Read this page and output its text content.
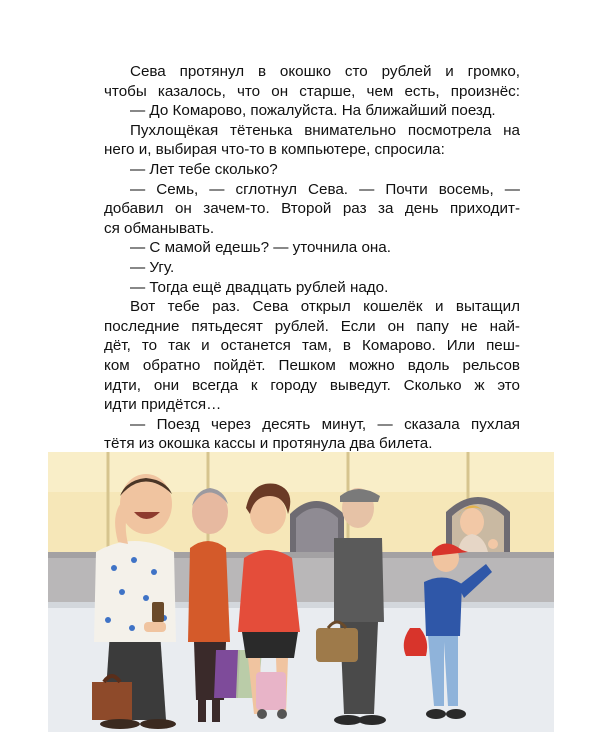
Сева протянул в окошко сто рублей и громко,
чтобы казалось, что он старше, чем есть, произнёс:
— До Комарово, пожалуйста. На ближайший поезд.
Пухлощёкая тётенька внимательно посмотрела на
него и, выбирая что-то в компьютере, спросила:
— Лет тебе сколько?
— Семь, — сглотнул Сева. — Почти восемь, —
добавил он зачем-то. Второй раз за день приходит-
ся обманывать.
— С мамой едешь? — уточнила она.
— Угу.
— Тогда ещё двадцать рублей надо.
Вот тебе раз. Сева открыл кошелёк и вытащил
последние пятьдесят рублей. Если он папу не най-
дёт, то так и останется там, в Комарово. Или пеш-
ком обратно пойдёт. Пешком можно вдоль рельсов
идти, они всегда к городу выведут. Сколько ж это
идти придётся…
— Поезд через десять минут, — сказала пухлая
тётя из окошка кассы и протянула два билета.
